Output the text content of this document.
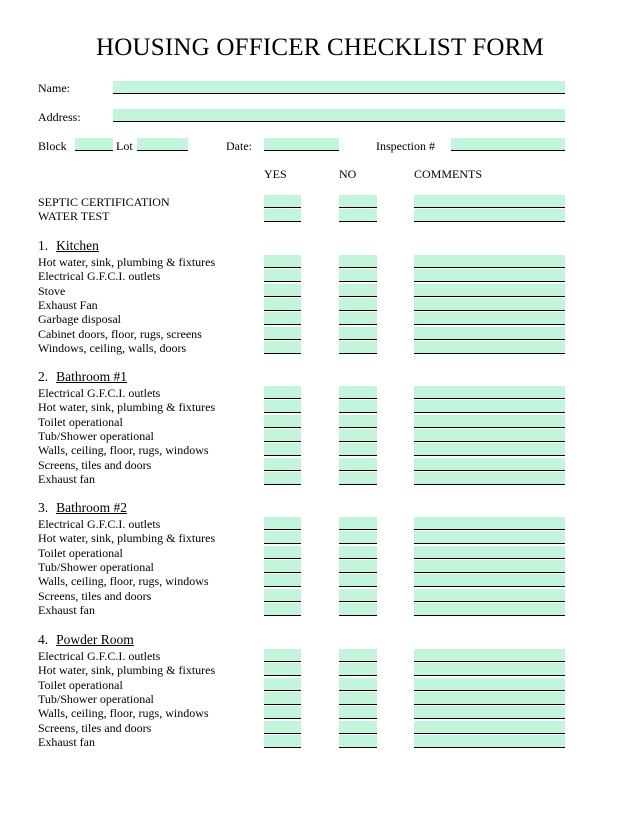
HOUSING OFFICER CHECKLIST FORM
Name:
Address:
Block	Lot	Date:	Inspection #
YES	NO	COMMENTS
SEPTIC CERTIFICATION
WATER TEST
1. Kitchen
Hot water, sink, plumbing & fixtures
Electrical G.F.C.I. outlets
Stove
Exhaust Fan
Garbage disposal
Cabinet doors, floor, rugs, screens
Windows, ceiling, walls, doors
2. Bathroom #1
Electrical G.F.C.I. outlets
Hot water, sink, plumbing & fixtures
Toilet operational
Tub/Shower operational
Walls, ceiling, floor, rugs, windows
Screens, tiles and doors
Exhaust fan
3. Bathroom #2
Electrical G.F.C.I. outlets
Hot water, sink, plumbing & fixtures
Toilet operational
Tub/Shower operational
Walls, ceiling, floor, rugs, windows
Screens, tiles and doors
Exhaust fan
4. Powder Room
Electrical G.F.C.I. outlets
Hot water, sink, plumbing & fixtures
Toilet operational
Tub/Shower operational
Walls, ceiling, floor, rugs, windows
Screens, tiles and doors
Exhaust fan
